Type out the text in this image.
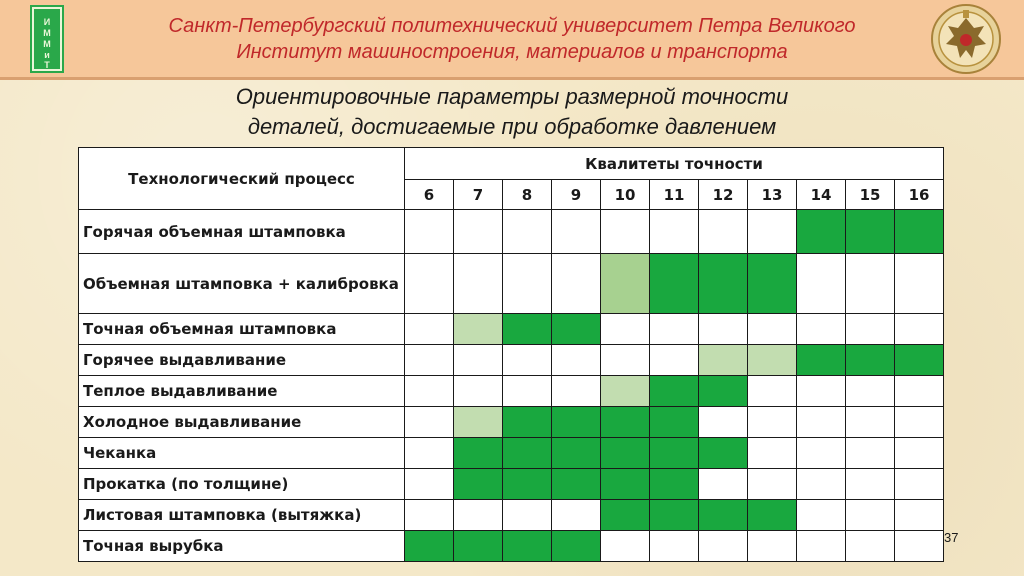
И
М
М
и
Т
Санкт-Петербургский политехнический университет Петра Великого
Институт машиностроения, материалов и транспорта
Ориентировочные параметры размерной точности
деталей, достигаемые при обработке давлением
Технологический процесс	Квалитеты точности										
	6	7	8	9	10	11	12	13	14	15	16
Горячая объемная штамповка											
Объемная штамповка + калибровка											
Точная объемная штамповка											
Горячее выдавливание											
Теплое выдавливание											
Холодное выдавливание											
Чеканка											
Прокатка (по толщине)											
Листовая штамповка (вытяжка)											
Точная вырубка												37
